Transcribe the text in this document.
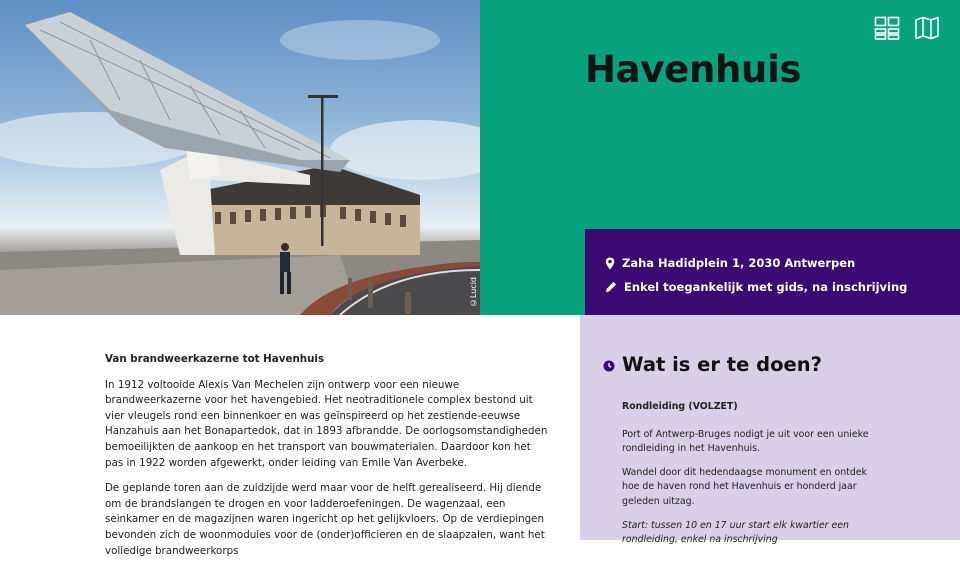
©Lucid
Havenhuis
Zaha Hadidplein 1, 2030 Antwerpen
Enkel toegankelijk met gids, na inschrijving
Van brandweerkazerne tot Havenhuis

In 1912 voltooide Alexis Van Mechelen zijn ontwerp voor een nieuwe brandweerkazerne voor het havengebied. Het neotraditionele complex bestond uit vier vleugels rond een binnenkoer en was geïnspireerd op het zestiende-eeuwse Hanzahuis aan het Bonapartedok, dat in 1893 afbrandde. De oorlogsomstandigheden bemoeilijkten de aankoop en het transport van bouwmaterialen. Daardoor kon het pas in 1922 worden afgewerkt, onder leiding van Emile Van Averbeke.

De geplande toren aan de zuidzijde werd maar voor de helft gerealiseerd. Hij diende om de brandslangen te drogen en voor ladderoefeningen. De wagenzaal, een seinkamer en de magazijnen waren ingericht op het gelijkvloers. Op de verdiepingen bevonden zich de woonmodules voor de (onder)officieren en de slaapzalen, want het volledige brandweerkorps

Wat is er te doen?

Rondleiding (VOLZET)

Port of Antwerp-Bruges nodigt je uit voor een unieke rondleiding in het Havenhuis.

Wandel door dit hedendaagse monument en ontdek hoe de haven rond het Havenhuis er honderd jaar geleden uitzag.

Start: tussen 10 en 17 uur start elk kwartier een rondleiding, enkel na inschrijving
